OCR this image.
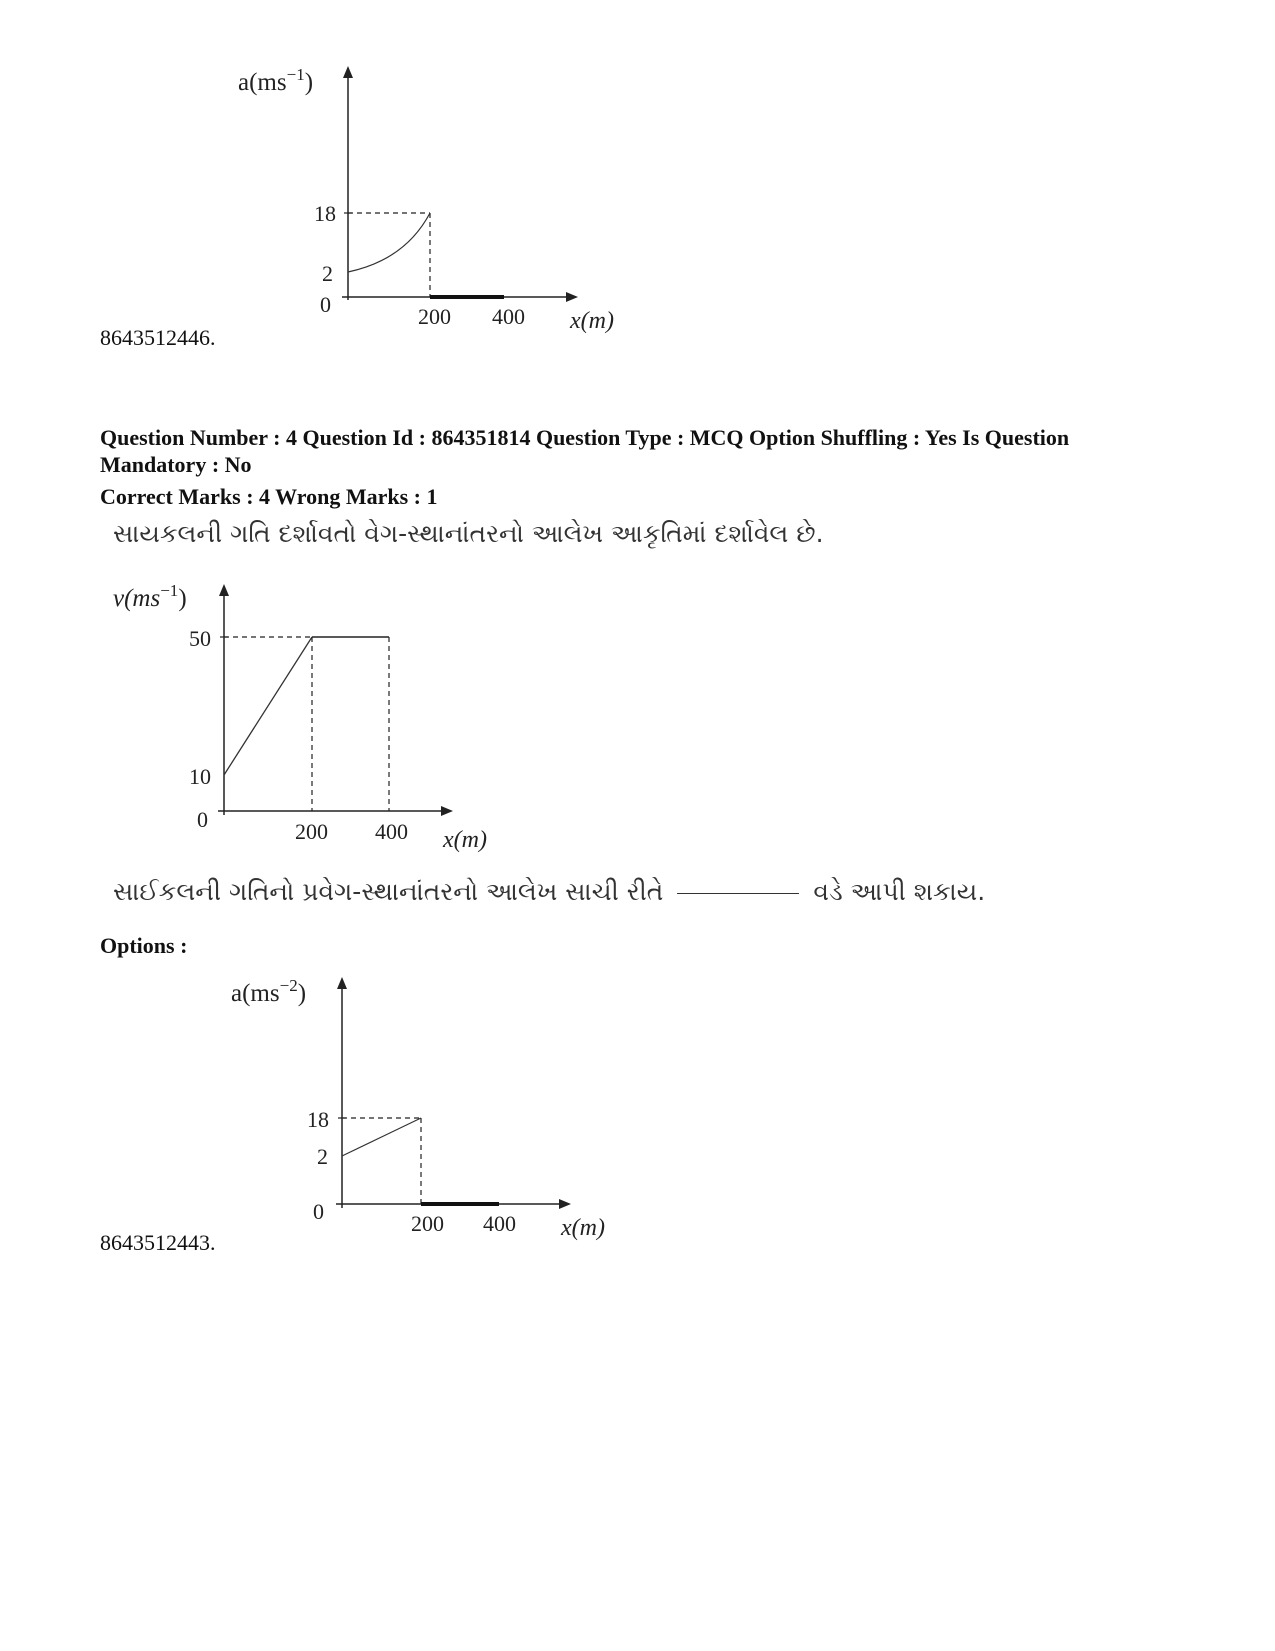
$a(ms^{-1})$
18
2
0	200 400 x(m)
8643512446.
Question Number : 4 Question Id : 864351814 Question Type : MCQ Option Shuffling : Yes Is Question
Mandatory : No
Correct Marks : 4 Wrong Marks : 1
સાયકલની ગતિ દર્શાવતો વેગ-સ્થાનાંતરનો આલેખ આકૃતિમાં દર્શાવેલ છે.
$v(ms^{-1})$
50
10
0	200 400 x(m)
સાઈકલની ગતિનો પ્રવેગ-સ્થાનાંતરનો આલેખ સાચી રીતે	વડે આપી શકાય.
Options :
$a(ms^{-2})$
18
2
0	200 400 x(m)
8643512443.
